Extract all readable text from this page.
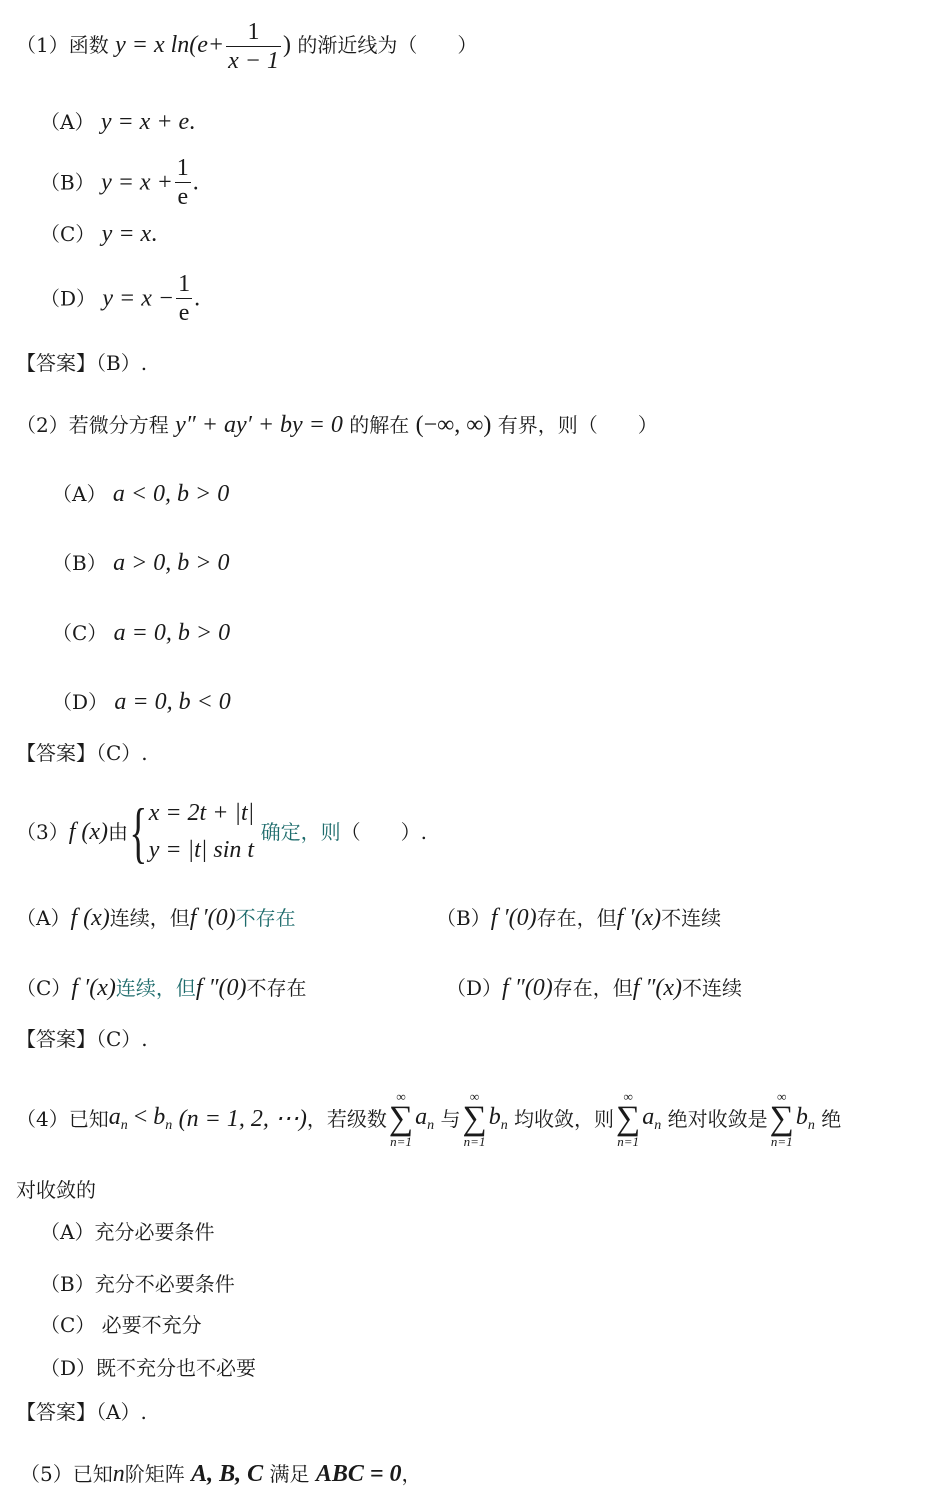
（1）函数 y = x $\ln(e+ \frac{1}{x - 1}$ ) 的渐近线为（　　）
（A） y = x + e.
（B） $y = x + \frac{1}{e}$ .
（C） y = x.
（D） $y = x - \frac{1}{e}$ .
【答案】（B）.
（2）若微分方程 y″ + ay′ + by = 0 的解在 (−∞, ∞) 有界，则（　　）
（A） a < 0, b > 0
（B） a > 0, b > 0
（C） a = 0, b > 0
（D） a = 0, b < 0
【答案】（C）.
（3）f (x)由{ x = 2t + |t|
y = |t| sin t
确定，则（　　）.
（A）f (x)连续，但f ′(0)不存在	（B）f ′(0)存在，但f ′(x)不连续
（C）f ′(x)连续，但f ″(0)不存在	（D）f ″(0)存在，但f ″(x)不连续
【答案】（C）.
（4）已知$a_n < b_n$ (n = 1, 2, ⋯)，若级数
∞
∑
n=1
$a_n$ 与
∞
∑
n=1
$b_n$ 均收敛，则
∞
∑
n=1
$a_n$ 绝对收敛是
∞
∑
n=1
$b_n$ 绝
对收敛的
（A）充分必要条件
（B）充分不必要条件
（C） 必要不充分
（D）既不充分也不必要
【答案】（A）.
（5）已知n阶矩阵 A, B, C 满足 ABC = 0，
